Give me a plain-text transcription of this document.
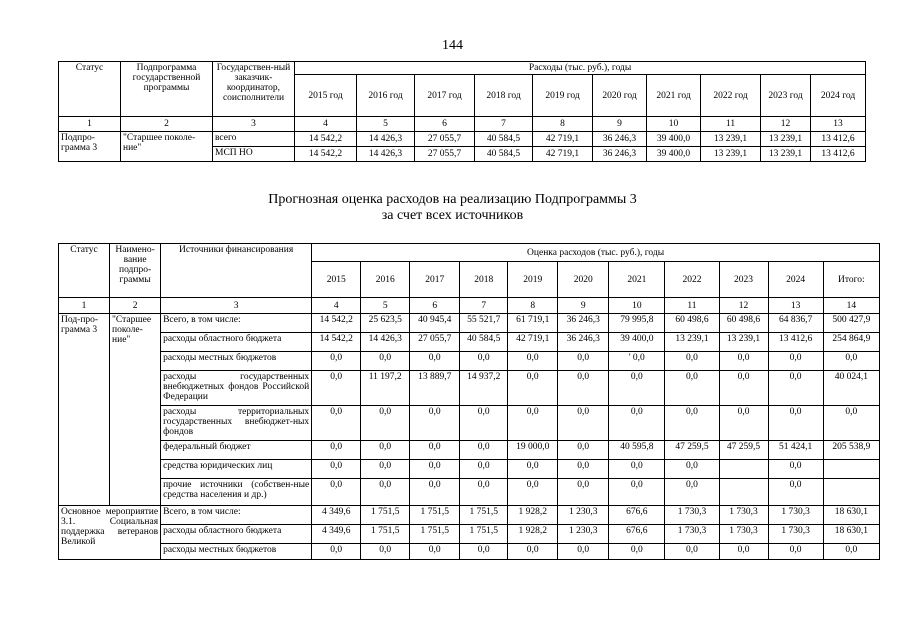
144
Статус	Подпрограмма государственной программы	Государствен-ный заказчик-координатор, соисполнители	Расходы (тыс. руб.), годы									
			2015 год	2016 год	2017 год	2018 год	2019 год	2020 год	2021 год	2022 год	2023 год	2024 год
1	2	3	4	5	6	7	8	9	10	11	12	13
Подпро-грамма 3	"Старшее поколе-ние"	всего	14 542,2	14 426,3	27 055,7	40 584,5	42 719,1	36 246,3	39 400,0	13 239,1	13 239,1	13 412,6
		МСП НО	14 542,2	14 426,3	27 055,7	40 584,5	42 719,1	36 246,3	39 400,0	13 239,1	13 239,1	13 412,6
Прогнозная оценка расходов на реализацию Подпрограммы 3
за счет всех источников
Статус	Наимено-вание подпро-граммы	Источники финансирования	Оценка расходов (тыс. руб.), годы										
			2015	2016	2017	2018	2019	2020	2021	2022	2023	2024	Итого:
1	2	3	4	5	6	7	8	9	10	11	12	13	14
Под-про-грамма 3	"Старшее поколе-ние"	Всего, в том числе:	14 542,2	25 623,5	40 945,4	55 521,7	61 719,1	36 246,3	79 995,8	60 498,6	60 498,6	64 836,7	500 427,9
		расходы областного бюджета	14 542,2	14 426,3	27 055,7	40 584,5	42 719,1	36 246,3	39 400,0	13 239,1	13 239,1	13 412,6	254 864,9
		расходы местных бюджетов	0,0	0,0	0,0	0,0	0,0	0,0	' 0,0	0,0	0,0	0,0	0,0
		расходы государственных внебюджетных фондов Российской Федерации	0,0	11 197,2	13 889,7	14 937,2	0,0	0,0	0,0	0,0	0,0	0,0	40 024,1
		расходы территориальных государственных внебюджет-ных фондов	0,0	0,0	0,0	0,0	0,0	0,0	0,0	0,0	0,0	0,0	0,0
		федеральный бюджет	0,0	0,0	0,0	0,0	19 000,0	0,0	40 595,8	47 259,5	47 259,5	51 424,1	205 538,9
		средства юридических лиц	0,0	0,0	0,0	0,0	0,0	0,0	0,0	0,0		0,0	
		прочие источники (собствен-ные средства населения и др.)	0,0	0,0	0,0	0,0	0,0	0,0	0,0	0,0		0,0	
Основное мероприятие 3.1. Социальная поддержка ветеранов Великой		Всего, в том числе:	4 349,6	1 751,5	1 751,5	1 751,5	1 928,2	1 230,3	676,6	1 730,3	1 730,3	1 730,3	18 630,1
		расходы областного бюджета	4 349,6	1 751,5	1 751,5	1 751,5	1 928,2	1 230,3	676,6	1 730,3	1 730,3	1 730,3	18 630,1
		расходы местных бюджетов	0,0	0,0	0,0	0,0	0,0	0,0	0,0	0,0	0,0	0,0	0,0
